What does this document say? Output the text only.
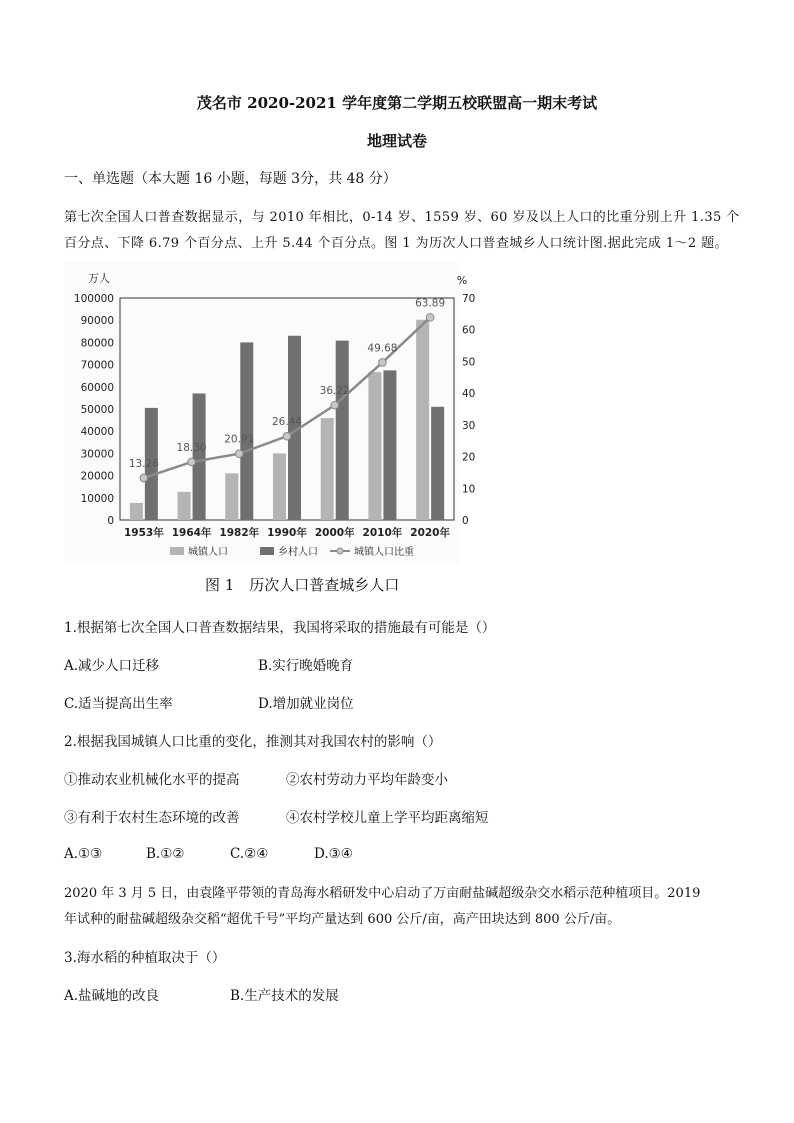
茂名市 2020-2021 学年度第二学期五校联盟高一期末考试
地理试卷
一、单选题（本大题 16 小题，每题 3分，共 48 分）
第七次全国人口普查数据显示，与 2010 年相比，0-14 岁、1559 岁、60 岁及以上人口的比重分别上升 1.35 个
百分点、下降 6.79 个百分点、上升 5.44 个百分点。图 1 为历次人口普查城乡人口统计图.据此完成 1～2 题。
万人	%
13.26
18.30
20.91
26.44
36.22
49.68
63.89
0
10000
20000
30000
40000
50000
60000
70000
80000
90000
100000
0
10
20
30
40
50
60
70
1953年 1964年 1982年 1990年 2000年 2010年 2020年
城镇人口	乡村人口	城镇人口比重
图 1　历次人口普查城乡人口
1.根据第七次全国人口普查数据结果，我国将采取的措施最有可能是（）
A.减少人口迁移	B.实行晚婚晚育
C.适当提高出生率	D.增加就业岗位
2.根据我国城镇人口比重的变化，推测其对我国农村的影响（）
①推动农业机械化水平的提高	②农村劳动力平均年龄变小
③有利于农村生态环境的改善	④农村学校儿童上学平均距离缩短
A.①③	B.①②	C.②④	D.③④
2020 年 3 月 5 日，由袁隆平带领的青岛海水稻研发中心启动了万亩耐盐碱超级杂交水稻示范种植项目。2019
年试种的耐盐碱超级杂交稻“超优千号”平均产量达到 600 公斤/亩，高产田块达到 800 公斤/亩。
3.海水稻的种植取决于（）
A.盐碱地的改良	B.生产技术的发展
